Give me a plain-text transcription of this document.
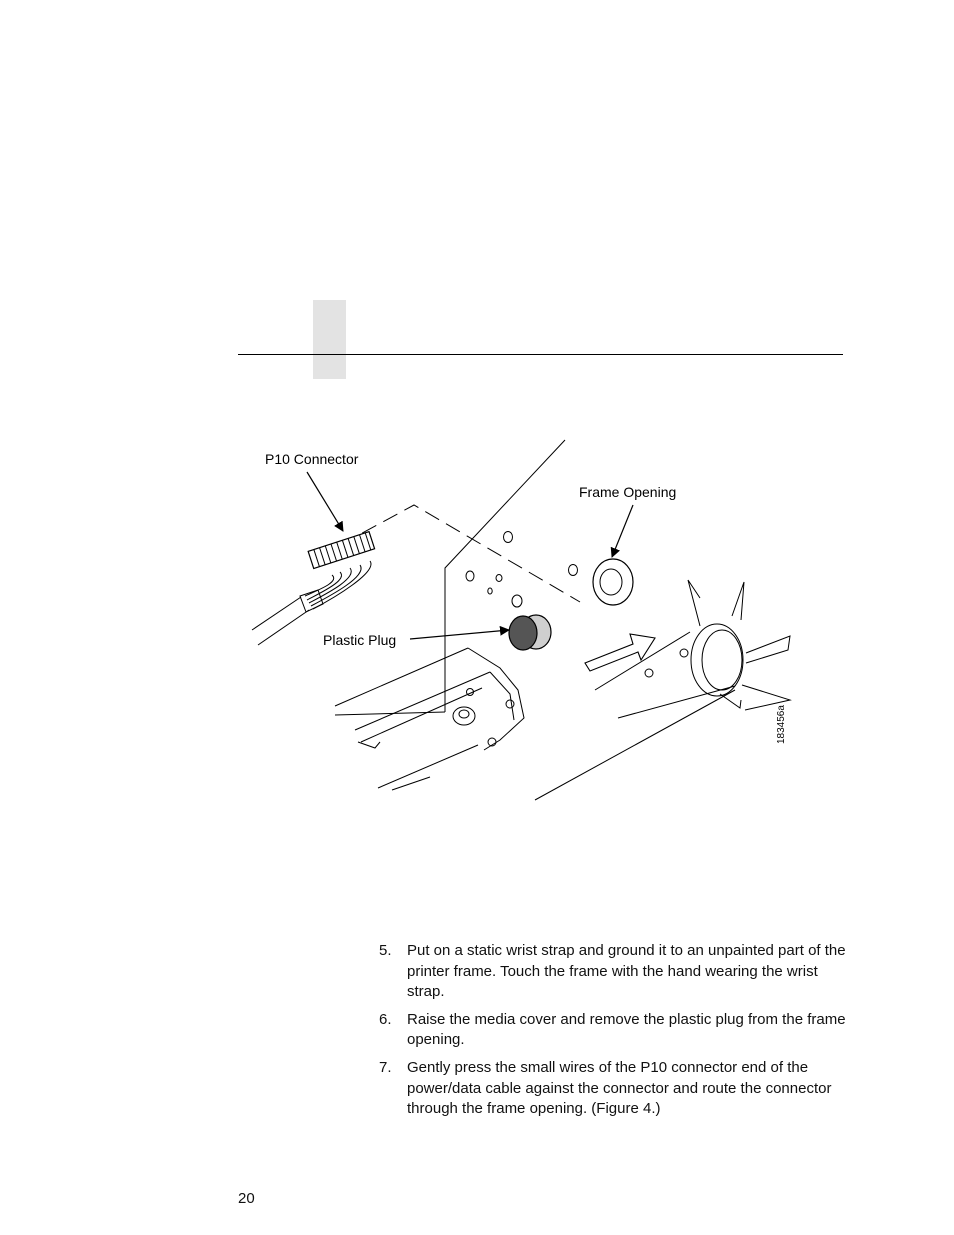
P10 Connector
Frame Opening
Plastic Plug
183456a
5.	Put on a static wrist strap and ground it to an unpainted part of the printer frame. Touch the frame with the hand wearing the wrist strap.
6.	Raise the media cover and remove the plastic plug from the frame opening.
7.	Gently press the small wires of the P10 connector end of the power/data cable against the connector and route the connector through the frame opening. (Figure 4.)
20
